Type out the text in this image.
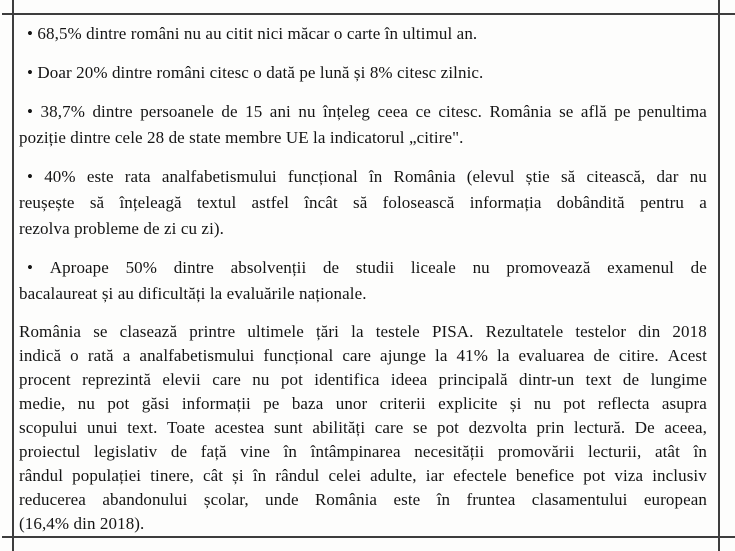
• 68,5% dintre români nu au citit nici măcar o carte în ultimul an.
• Doar 20% dintre români citesc o dată pe lună și 8% citesc zilnic.
• 38,7% dintre persoanele de 15 ani nu înțeleg ceea ce citesc. România se află pe penultima
poziție dintre cele 28 de state membre UE la indicatorul „citire".
• 40% este rata analfabetismului funcțional în România (elevul știe să citească, dar nu
reușește să înțeleagă textul astfel încât să folosească informația dobândită pentru a
rezolva probleme de zi cu zi).
• Aproape 50% dintre absolvenții de studii liceale nu promovează examenul de
bacalaureat și au dificultăți la evaluările naționale.
România se clasează printre ultimele țări la testele PISA. Rezultatele testelor din 2018
indică o rată a analfabetismului funcțional care ajunge la 41% la evaluarea de citire. Acest
procent reprezintă elevii care nu pot identifica ideea principală dintr-un text de lungime
medie, nu pot găsi informații pe baza unor criterii explicite și nu pot reflecta asupra
scopului unui text. Toate acestea sunt abilități care se pot dezvolta prin lectură. De aceea,
proiectul legislativ de față vine în întâmpinarea necesității promovării lecturii, atât în
rândul populației tinere, cât și în rândul celei adulte, iar efectele benefice pot viza inclusiv
reducerea abandonului școlar, unde România este în fruntea clasamentului european
(16,4% din 2018).
